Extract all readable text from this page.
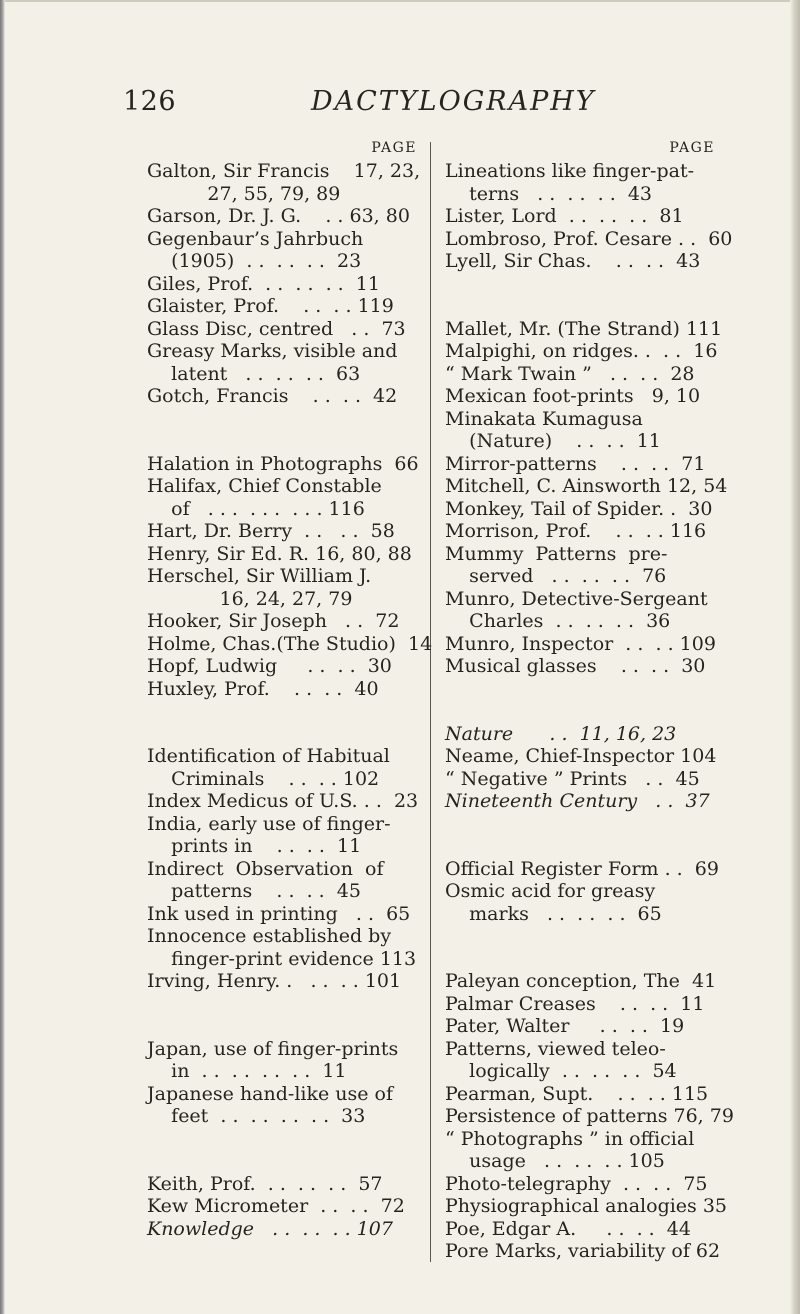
126	DACTYLOGRAPHY
PAGE
Galton, Sir Francis    17, 23,
27, 55, 79, 89
Garson, Dr. J. G.    . . 63, 80
Gegenbaur’s Jahrbuch
(1905)  . .  . .  . .  23
Giles, Prof.  . .  . .  . .  11
Glaister, Prof.    . .  . . 119
Glass Disc, centred   . .  73
Greasy Marks, visible and
latent   . .  . .  . .  63
Gotch, Francis    . .  . .  42
Halation in Photographs  66
Halifax, Chief Constable
of   . . .  . . .  . . . 116
Hart, Dr. Berry  . .   . .  58
Henry, Sir Ed. R. 16, 80, 88
Herschel, Sir William J.
16, 24, 27, 79
Hooker, Sir Joseph   . .  72
Holme, Chas.(The Studio)  14
Hopf, Ludwig     . .  . .  30
Huxley, Prof.    . .  . .  40
Identification of Habitual
Criminals    . .  . . 102
Index Medicus of U.S. . .  23
India, early use of finger-
prints in    . .  . .  11
Indirect  Observation  of
patterns    . .  . .  45
Ink used in printing   . .  65
Innocence established by
finger-print evidence 113
Irving, Henry. .   . .  . . 101
Japan, use of finger-prints
in  . .  . .  . .  . .  11
Japanese hand-like use of
feet  . .  . .  . .  . .  33
Keith, Prof.  . .  . .  . .  57
Kew Micrometer  . .  . .  72
Knowledge   . .  . .  . . 107
PAGE
Lineations like finger-pat-
terns   . .  . .  . .  43
Lister, Lord  . .  . .  . .  81
Lombroso, Prof. Cesare . .  60
Lyell, Sir Chas.    . .  . .  43
Mallet, Mr. (The Strand) 111
Malpighi, on ridges. .  . .  16
“ Mark Twain ”   . .  . .  28
Mexican foot-prints   9, 10
Minakata Kumagusa
(Nature)    . .  . .  11
Mirror-patterns    . .  . .  71
Mitchell, C. Ainsworth 12, 54
Monkey, Tail of Spider. .  30
Morrison, Prof.    . .  . . 116
Mummy  Patterns  pre-
served   . .  . .  . .  76
Munro, Detective-Sergeant
Charles  . .  . .  . .  36
Munro, Inspector  . .  . . 109
Musical glasses    . .  . .  30
Nature      . .  11, 16, 23
Neame, Chief-Inspector 104
“ Negative ” Prints   . .  45
Nineteenth Century   . .  37
Official Register Form . .  69
Osmic acid for greasy
marks   . .  . .  . .  65
Paleyan conception, The  41
Palmar Creases    . .  . .  11
Pater, Walter     . .  . .  19
Patterns, viewed teleo-
logically  . .  . .  . .  54
Pearman, Supt.    . .  . . 115
Persistence of patterns 76, 79
“ Photographs ” in official
usage   . .  . .  . . 105
Photo-telegraphy  . .  . .  75
Physiographical analogies 35
Poe, Edgar A.     . .  . .  44
Pore Marks, variability of 62
